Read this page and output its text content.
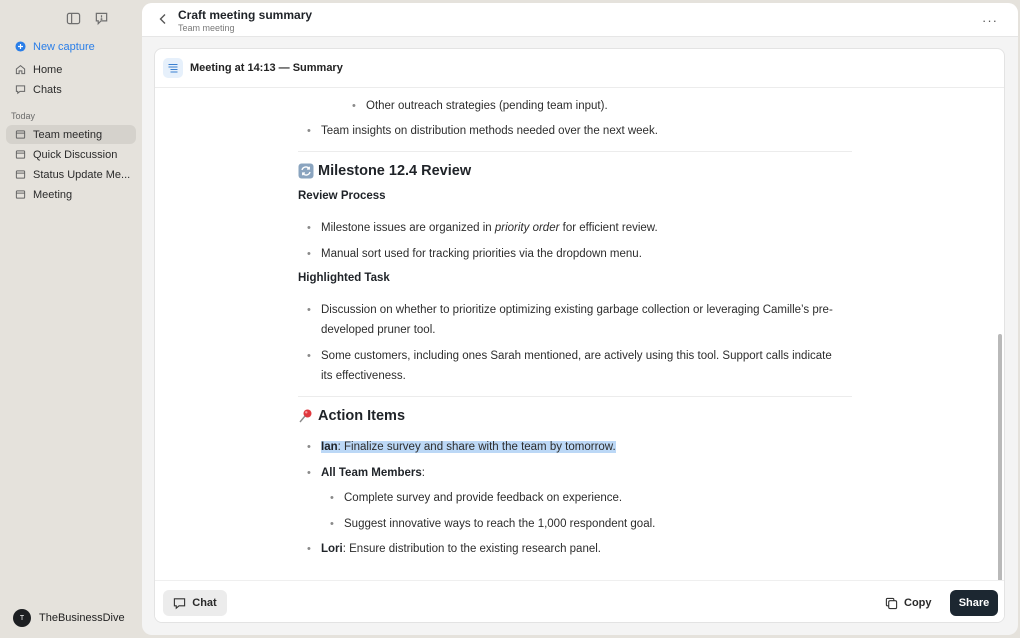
New capture
Home
Chats
Today
Team meeting
Quick Discussion
Status Update Me...
Meeting
T	TheBusinessDive
Craft meeting summary
Team meeting	···
Meeting at 14:13 — Summary
• Other outreach strategies (pending team input).
• Team insights on distribution methods needed over the next week.
Milestone 12.4 Review
Review Process
• Milestone issues are organized in priority order for efficient review.
• Manual sort used for tracking priorities via the dropdown menu.
Highlighted Task
• Discussion on whether to prioritize optimizing existing garbage collection or leveraging Camille’s pre-
developed pruner tool.
• Some customers, including ones Sarah mentioned, are actively using this tool. Support calls indicate
its effectiveness.
Action Items
• Ian: Finalize survey and share with the team by tomorrow.
• All Team Members:
• Complete survey and provide feedback on experience.
• Suggest innovative ways to reach the 1,000 respondent goal.
• Lori: Ensure distribution to the existing research panel.
Chat	Copy	Share
